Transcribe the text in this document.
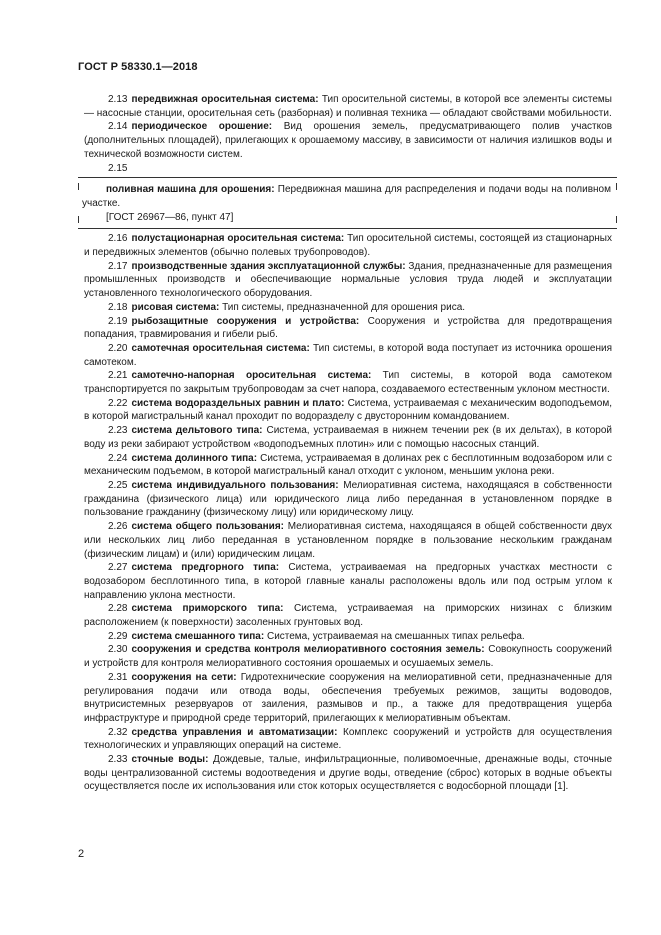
ГОСТ Р 58330.1—2018

2.13 передвижная оросительная система: Тип оросительной системы, в которой все элементы системы — насосные станции, оросительная сеть (разборная) и поливная техника — обладают свойствами мобильности.

2.14 периодическое орошение: Вид орошения земель, предусматривающего полив участков (дополнительных площадей), прилегающих к орошаемому массиву, в зависимости от наличия излишков воды и технической возможности систем.

2.15

поливная машина для орошения: Передвижная машина для распределения и подачи воды на поливном участке.

[ГОСТ 26967—86, пункт 47]

2.16 полустационарная оросительная система: Тип оросительной системы, состоящей из стационарных и передвижных элементов (обычно полевых трубопроводов).

2.17 производственные здания эксплуатационной службы: Здания, предназначенные для размещения промышленных производств и обеспечивающие нормальные условия труда людей и эксплуатации установленного технологического оборудования.

2.18 рисовая система: Тип системы, предназначенной для орошения риса.

2.19 рыбозащитные сооружения и устройства: Сооружения и устройства для предотвращения попадания, травмирования и гибели рыб.

2.20 самотечная оросительная система: Тип системы, в которой вода поступает из источника орошения самотеком.

2.21 самотечно-напорная оросительная система: Тип системы, в которой вода самотеком транспортируется по закрытым трубопроводам за счет напора, создаваемого естественным уклоном местности.

2.22 система водораздельных равнин и плато: Система, устраиваемая с механическим водоподъемом, в которой магистральный канал проходит по водоразделу с двусторонним командованием.

2.23 система дельтового типа: Система, устраиваемая в нижнем течении рек (в их дельтах), в которой воду из реки забирают устройством «водоподъемных плотин» или с помощью насосных станций.

2.24 система долинного типа: Система, устраиваемая в долинах рек с бесплотинным водозабором или с механическим подъемом, в которой магистральный канал отходит с уклоном, меньшим уклона реки.

2.25 система индивидуального пользования: Мелиоративная система, находящаяся в собственности гражданина (физического лица) или юридического лица либо переданная в установленном порядке в пользование гражданину (физическому лицу) или юридическому лицу.

2.26 система общего пользования: Мелиоративная система, находящаяся в общей собственности двух или нескольких лиц либо переданная в установленном порядке в пользование нескольким гражданам (физическим лицам) и (или) юридическим лицам.

2.27 система предгорного типа: Система, устраиваемая на предгорных участках местности с водозабором бесплотинного типа, в которой главные каналы расположены вдоль или под острым углом к направлению уклона местности.

2.28 система приморского типа: Система, устраиваемая на приморских низинах с близким расположением (к поверхности) засоленных грунтовых вод.

2.29 система смешанного типа: Система, устраиваемая на смешанных типах рельефа.

2.30 сооружения и средства контроля мелиоративного состояния земель: Совокупность сооружений и устройств для контроля мелиоративного состояния орошаемых и осушаемых земель.

2.31 сооружения на сети: Гидротехнические сооружения на мелиоративной сети, предназначенные для регулирования подачи или отвода воды, обеспечения требуемых режимов, защиты водоводов, внутрисистемных резервуаров от заиления, размывов и пр., а также для предотвращения ущерба инфраструктуре и природной среде территорий, прилегающих к мелиоративным объектам.

2.32 средства управления и автоматизации: Комплекс сооружений и устройств для осуществления технологических и управляющих операций на системе.

2.33 сточные воды: Дождевые, талые, инфильтрационные, поливомоечные, дренажные воды, сточные воды централизованной системы водоотведения и другие воды, отведение (сброс) которых в водные объекты осуществляется после их использования или сток которых осуществляется с водосборной площади [1].

2
